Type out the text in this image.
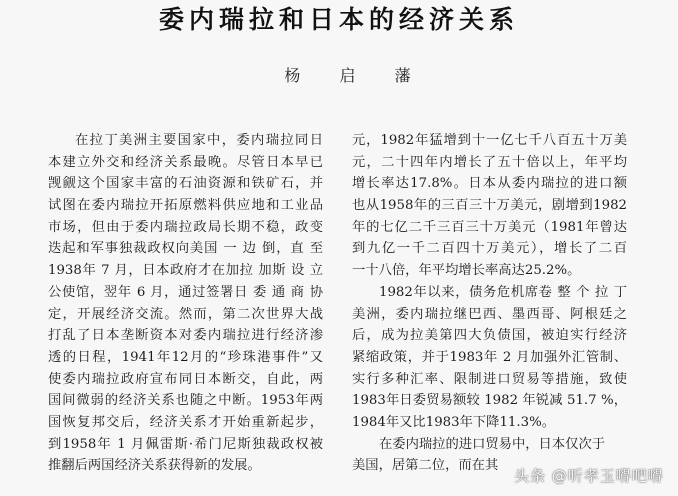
委内瑞拉和日本的经济关系
杨 启 藩
在拉丁美洲主要国家中，委内瑞拉同日
本建立外交和经济关系最晚。尽管日本早已
觊觎这个国家丰富的石油资源和铁矿石，并
试图在委内瑞拉开拓原燃料供应地和工业品
市场，但由于委内瑞拉政局长期不稳，政变
迭起和军事独裁政权向美国 一 边 倒，直 至
1938年 7 月，日本政府才在加拉 加斯 设 立
公使馆，翌年 6 月，通过签署日 委 通 商 协
定，开展经济交流。然而，第二次世界大战
打乱了日本垄断资本对委内瑞拉进行经济渗
透的日程，1941年12月的“珍珠港事件”又
使委内瑞拉政府宣布同日本断交，自此，两
国间微弱的经济关系也随之中断。1953年两
国恢复邦交后，经济关系才开始重新起步，
到1958年 1 月佩雷斯·希门尼斯独裁政权被
推翻后两国经济关系获得新的发展。
元，1982年猛增到十一亿七千八百五十万美
元，二十四年内增长了五十倍以上，年平均
增长率达17.8%。日本从委内瑞拉的进口额
也从1958年的三百三十万美元，剧增到1982
年的七亿二千三百三十万美元（1981年曾达
到九亿一千二百四十万美元），增长了二百
一十八倍，年平均增长率高达25.2%。
1982年以来，债务危机席卷 整 个 拉 丁
美洲，委内瑞拉继巴西、墨西哥、阿根廷之
后，成为拉美第四大负债国，被迫实行经济
紧缩政策，并于1983年 2 月加强外汇管制、
实行多种汇率、限制进口贸易等措施，致使
1983年日委贸易额较 1982 年锐减 51.7 %，
1984年又比1983年下降11.3%。
在委内瑞拉的进口贸易中，日本仅次于
美国，居第二位，而在其
头条 @听孝玉嘚吧嘚
